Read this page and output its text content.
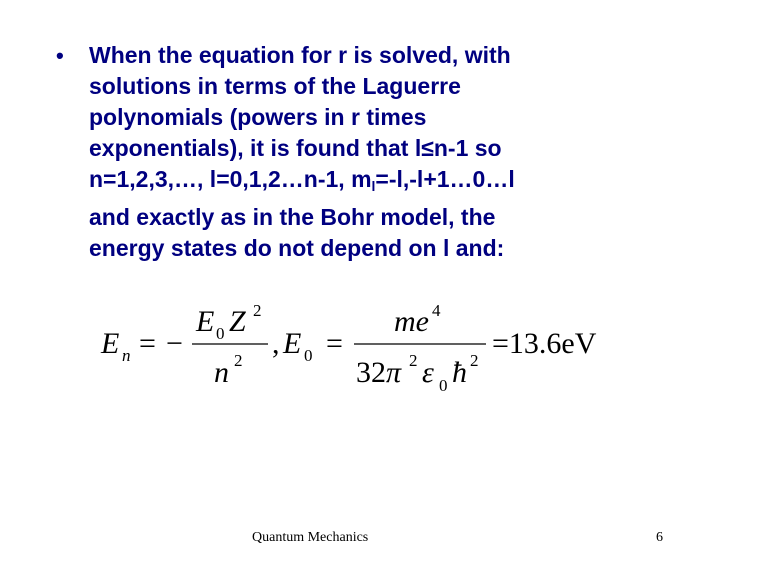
• When the equation for r is solved, with
solutions in terms of the Laguerre
polynomials (powers in r times
exponentials), it is found that l≤n-1 so
n=1,2,3,…, l=0,1,2…n-1, $m_l=-l,-l+1\dots 0\dots l$
and exactly as in the Bohr model, the
energy states do not depend on l and:
E n = −
E 0 Z 2
n 2
, E 0 =
me 4
32 π 2 ε 0 ħ 2
=13.6eV
Quantum Mechanics	6
